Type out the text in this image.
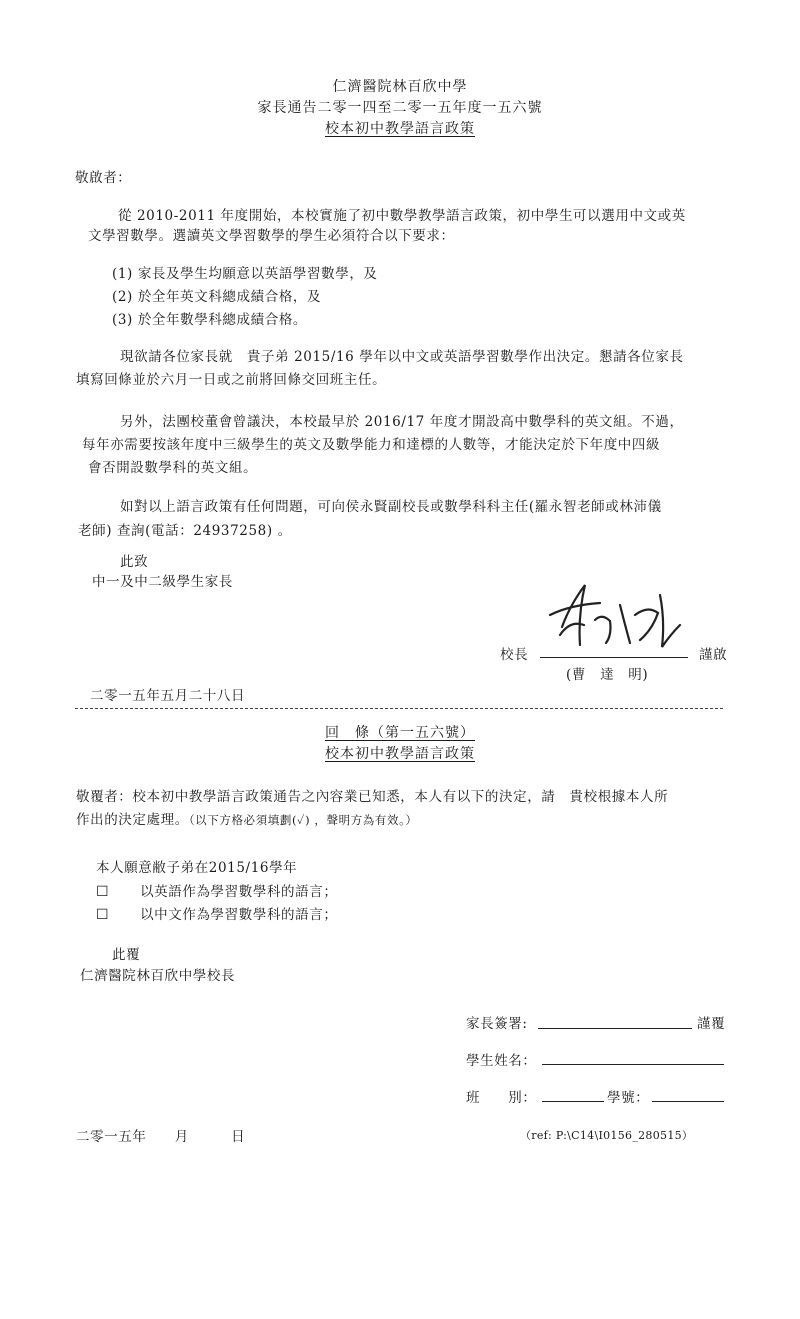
仁濟醫院林百欣中學
家長通告二零一四至二零一五年度一五六號
校本初中教學語言政策
敬啟者：
從 2010-2011 年度開始，本校實施了初中數學教學語言政策，初中學生可以選用中文或英
文學習數學。選讀英文學習數學的學生必須符合以下要求：
(1) 家長及學生均願意以英語學習數學，及
(2) 於全年英文科總成績合格，及
(3) 於全年數學科總成績合格。
現欲請各位家長就　貴子弟 2015/16 學年以中文或英語學習數學作出決定。懇請各位家長
填寫回條並於六月一日或之前將回條交回班主任。
另外，法團校董會曾議決，本校最早於 2016/17 年度才開設高中數學科的英文組。不過，
每年亦需要按該年度中三級學生的英文及數學能力和達標的人數等，才能決定於下年度中四級
會否開設數學科的英文組。
如對以上語言政策有任何問題，可向侯永賢副校長或數學科科主任(羅永智老師或林沛儀
老師) 查詢(電話：24937258) 。
此致
中一及中二級學生家長
校長	謹啟
(曹　達　明)
二零一五年五月二十八日
回　條（第一五六號）
校本初中教學語言政策
敬覆者：校本初中教學語言政策通告之內容業已知悉，本人有以下的決定，請　貴校根據本人所
作出的決定處理。（以下方格必須填劃(✓) ，聲明方為有效。）
本人願意敝子弟在2015/16學年
☐ 以英語作為學習數學科的語言；
☐ 以中文作為學習數學科的語言；
此覆
仁濟醫院林百欣中學校長
家長簽署:	謹覆
學生姓名：
班　　別：	學號：
二零一五年　　月　　　日	（ref: P:\C14\I0156_280515）
